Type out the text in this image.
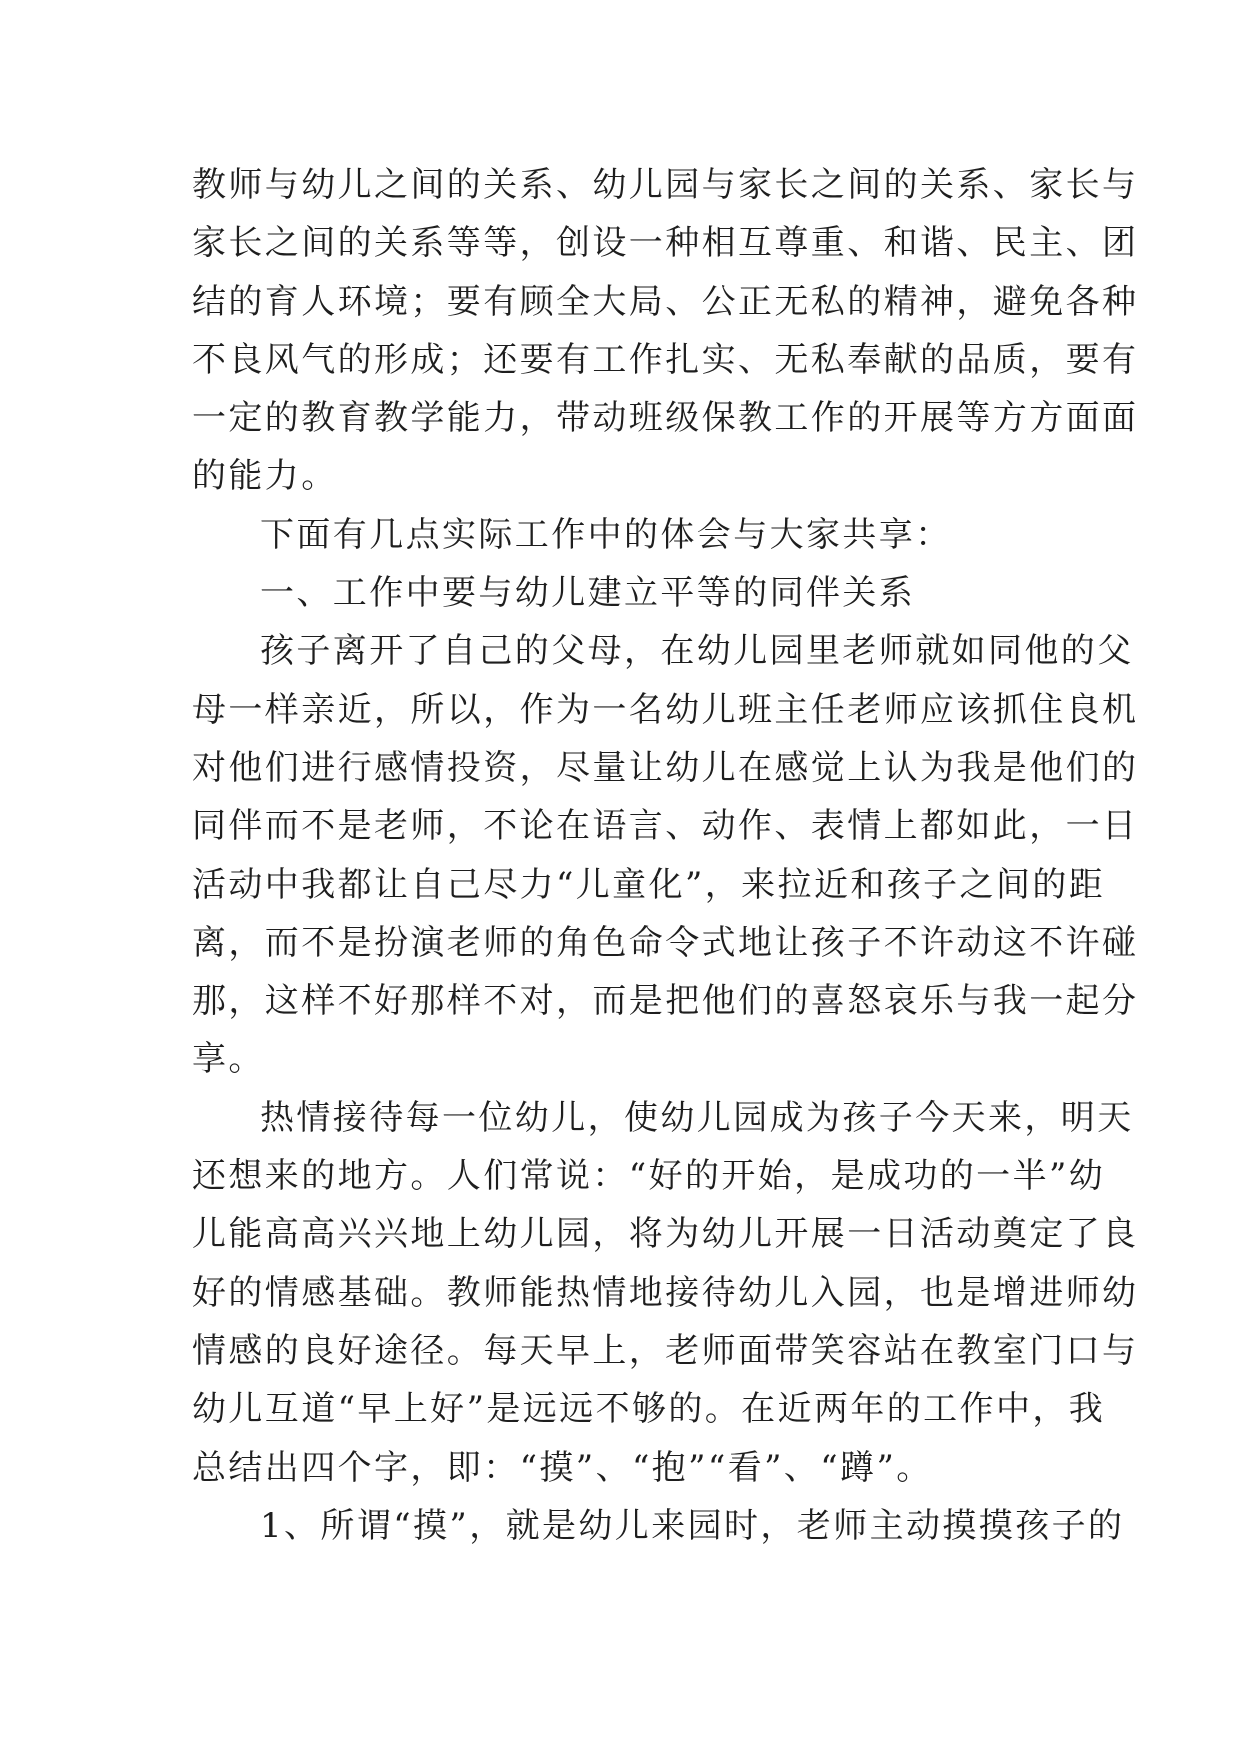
教师与幼儿之间的关系、幼儿园与家长之间的关系、家长与
家长之间的关系等等，创设一种相互尊重、和谐、民主、团
结的育人环境；要有顾全大局、公正无私的精神，避免各种
不良风气的形成；还要有工作扎实、无私奉献的品质，要有
一定的教育教学能力，带动班级保教工作的开展等方方面面
的能力。
下面有几点实际工作中的体会与大家共享：
一、工作中要与幼儿建立平等的同伴关系
孩子离开了自己的父母，在幼儿园里老师就如同他的父
母一样亲近，所以，作为一名幼儿班主任老师应该抓住良机
对他们进行感情投资，尽量让幼儿在感觉上认为我是他们的
同伴而不是老师，不论在语言、动作、表情上都如此，一日
活动中我都让自己尽力“儿童化”，来拉近和孩子之间的距
离，而不是扮演老师的角色命令式地让孩子不许动这不许碰
那，这样不好那样不对，而是把他们的喜怒哀乐与我一起分
享。
热情接待每一位幼儿，使幼儿园成为孩子今天来，明天
还想来的地方。人们常说：“好的开始，是成功的一半”幼
儿能高高兴兴地上幼儿园，将为幼儿开展一日活动奠定了良
好的情感基础。教师能热情地接待幼儿入园，也是增进师幼
情感的良好途径。每天早上，老师面带笑容站在教室门口与
幼儿互道“早上好”是远远不够的。在近两年的工作中，我
总结出四个字，即：“摸”、“抱”“看”、“蹲”。
1、所谓“摸”，就是幼儿来园时，老师主动摸摸孩子的
